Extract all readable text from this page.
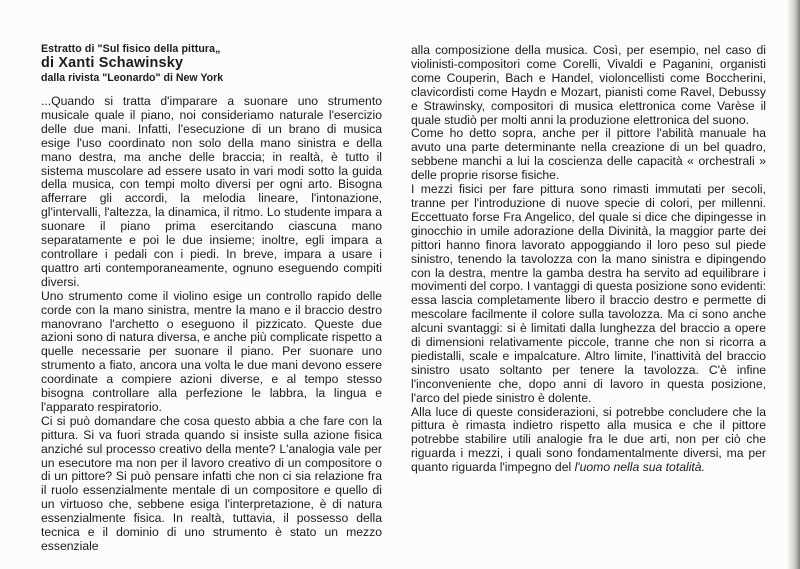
Estratto di "Sul fisico della pittura„
di Xanti Schawinsky
dalla rivista "Leonardo" di New York

...Quando si tratta d'imparare a suonare uno strumento musicale quale il piano, noi consideriamo naturale l'esercizio delle due mani. Infatti, l'esecuzione di un brano di musica esige l'uso coordinato non solo della mano sinistra e della mano destra, ma anche delle braccia; in realtà, è tutto il sistema muscolare ad essere usato in vari modi sotto la guida della musica, con tempi molto diversi per ogni arto. Bisogna afferrare gli accordi, la melodia lineare, l'intonazione, gl'intervalli, l'altezza, la dinamica, il ritmo. Lo studente impara a suonare il piano prima esercitando ciascuna mano separatamente e poi le due insieme; inoltre, egli impara a controllare i pedali con i piedi. In breve, impara a usare i quattro arti contemporaneamente, ognuno eseguendo compiti diversi.

Uno strumento come il violino esige un controllo rapido delle corde con la mano sinistra, mentre la mano e il braccio destro manovrano l'archetto o eseguono il pizzicato. Queste due azioni sono di natura diversa, e anche più complicate rispetto a quelle necessarie per suonare il piano. Per suonare uno strumento a fiato, ancora una volta le due mani devono essere coordinate a compiere azioni diverse, e al tempo stesso bisogna controllare alla perfezione le labbra, la lingua e l'apparato respiratorio.

Ci si può domandare che cosa questo abbia a che fare con la pittura. Si va fuori strada quando si insiste sulla azione fisica anziché sul processo creativo della mente? L'analogia vale per un esecutore ma non per il lavoro creativo di un compositore o di un pittore? Si può pensare infatti che non ci sia relazione fra il ruolo essenzialmente mentale di un compositore e quello di un virtuoso che, sebbene esiga l'interpretazione, è di natura essenzialmente fisica. In realtà, tuttavia, il possesso della tecnica e il dominio di uno strumento è stato un mezzo essenziale

alla composizione della musica. Così, per esempio, nel caso di violinisti-compositori come Corelli, Vivaldi e Paganini, organisti come Couperin, Bach e Handel, violoncellisti come Boccherini, clavicordisti come Haydn e Mozart, pianisti come Ravel, Debussy e Strawinsky, compositori di musica elettronica come Varèse il quale studiò per molti anni la produzione elettronica del suono.

Come ho detto sopra, anche per il pittore l'abilità manuale ha avuto una parte determinante nella creazione di un bel quadro, sebbene manchi a lui la coscienza delle capacità « orchestrali » delle proprie risorse fisiche.

I mezzi fisici per fare pittura sono rimasti immutati per secoli, tranne per l'introduzione di nuove specie di colori, per millenni. Eccettuato forse Fra Angelico, del quale si dice che dipingesse in ginocchio in umile adorazione della Divinità, la maggior parte dei pittori hanno finora lavorato appoggiando il loro peso sul piede sinistro, tenendo la tavolozza con la mano sinistra e dipingendo con la destra, mentre la gamba destra ha servito ad equilibrare i movimenti del corpo. I vantaggi di questa posizione sono evidenti: essa lascia completamente libero il braccio destro e permette di mescolare facilmente il colore sulla tavolozza. Ma ci sono anche alcuni svantaggi: si è limitati dalla lunghezza del braccio a opere di dimensioni relativamente piccole, tranne che non si ricorra a piedistalli, scale e impalcature. Altro limite, l'inattività del braccio sinistro usato soltanto per tenere la tavolozza. C'è infine l'inconveniente che, dopo anni di lavoro in questa posizione, l'arco del piede sinistro è dolente.

Alla luce di queste considerazioni, si potrebbe concludere che la pittura è rimasta indietro rispetto alla musica e che il pittore potrebbe stabilire utili analogie fra le due arti, non per ciò che riguarda i mezzi, i quali sono fondamentalmente diversi, ma per quanto riguarda l'impegno del l'uomo nella sua totalità.
